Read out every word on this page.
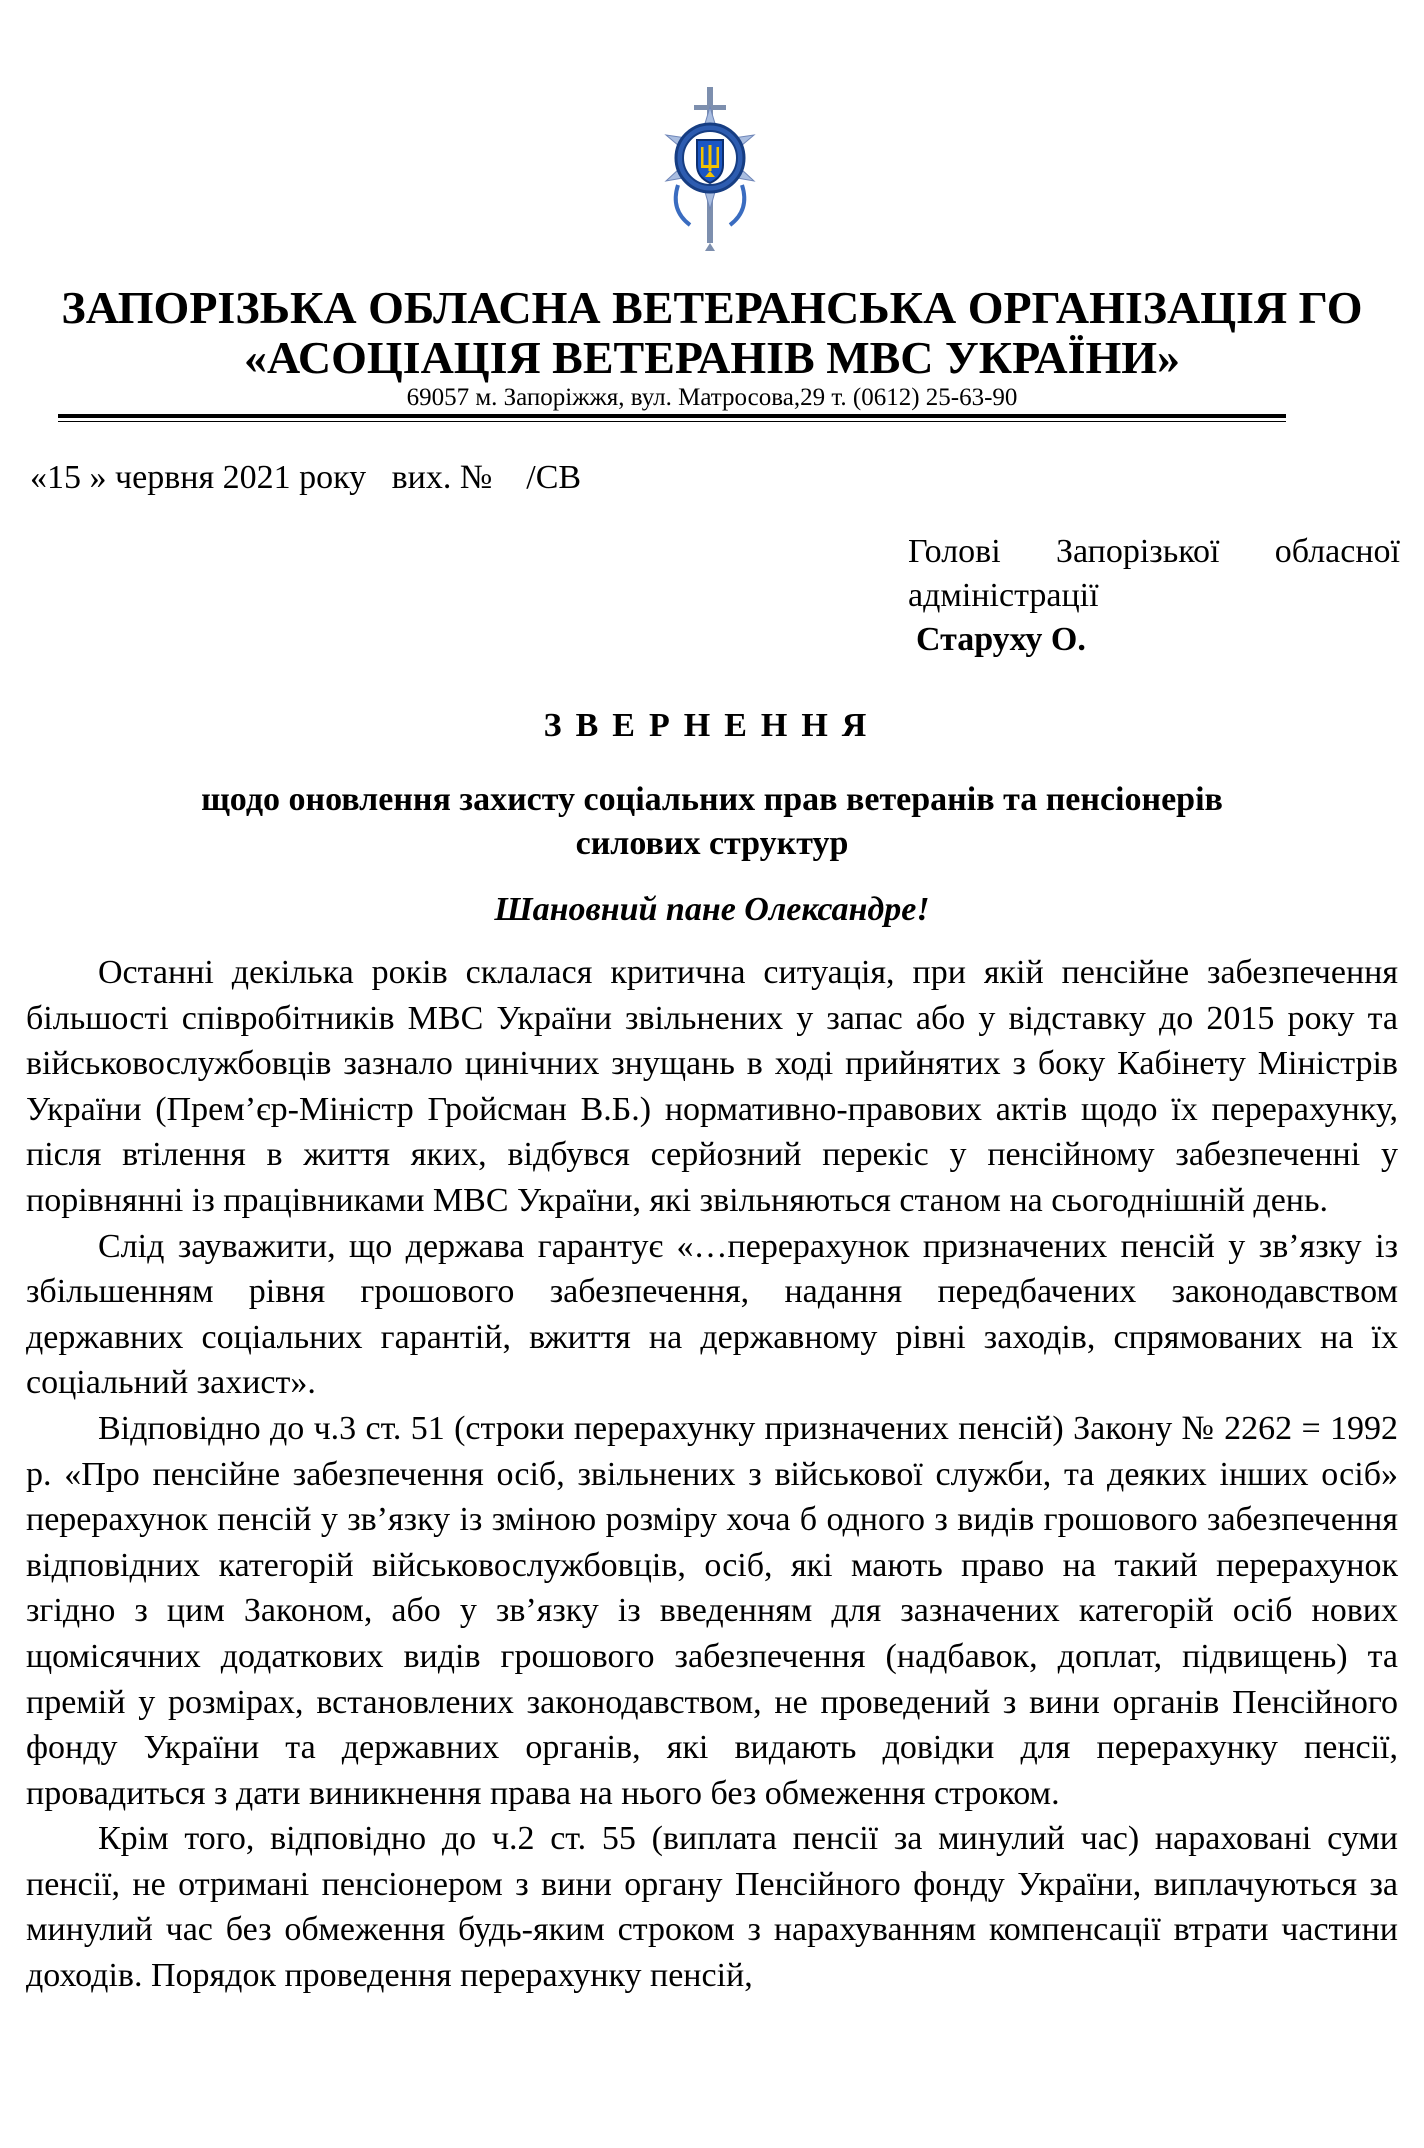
ЗАПОРІЗЬКА ОБЛАСНА ВЕТЕРАНСЬКА ОРГАНІЗАЦІЯ ГО
«АСОЦІАЦІЯ ВЕТЕРАНІВ МВС УКРАЇНИ»
69057 м. Запоріжжя, вул. Матросова,29 т. (0612) 25-63-90
«15 » червня 2021 року   вих. №    /СВ
Голові Запорізької обласної
адміністрації
Старуху О.
ЗВЕРНЕННЯ
щодо оновлення захисту соціальних прав ветеранів та пенсіонерів
силових структур
Шановний пане Олександре!

Останні декілька років склалася критична ситуація, при якій пенсійне забезпечення більшості співробітників МВС України звільнених у запас або у відставку до 2015 року та військовослужбовців зазнало цинічних знущань в ході прийнятих з боку Кабінету Міністрів України (Прем’єр-Міністр Гройсман В.Б.) нормативно-правових актів щодо їх перерахунку, після втілення в життя яких, відбувся серйозний перекіс у пенсійному забезпеченні у порівнянні із працівниками МВС України, які звільняються станом на сьогоднішній день.

Слід зауважити, що держава гарантує «…перерахунок призначених пенсій у зв’язку із збільшенням рівня грошового забезпечення, надання передбачених законодавством державних соціальних гарантій, вжиття на державному рівні заходів, спрямованих на їх соціальний захист».

Відповідно до ч.3 ст. 51 (строки перерахунку призначених пенсій) Закону № 2262 = 1992 р. «Про пенсійне забезпечення осіб, звільнених з військової служби, та деяких інших осіб» перерахунок пенсій у зв’язку із зміною розміру хоча б одного з видів грошового забезпечення відповідних категорій військовослужбовців, осіб, які мають право на такий перерахунок згідно з цим Законом, або у зв’язку із введенням для зазначених категорій осіб нових щомісячних додаткових видів грошового забезпечення (надбавок, доплат, підвищень) та премій у розмірах, встановлених законодавством, не проведений з вини органів Пенсійного фонду України та державних органів, які видають довідки для перерахунку пенсії, провадиться з дати виникнення права на нього без обмеження строком.

Крім того, відповідно до ч.2 ст. 55 (виплата пенсії за минулий час) нараховані суми пенсії, не отримані пенсіонером з вини органу Пенсійного фонду України, виплачуються за минулий час без обмеження будь-яким строком з нарахуванням компенсації втрати частини доходів. Порядок проведення перерахунку пенсій,
